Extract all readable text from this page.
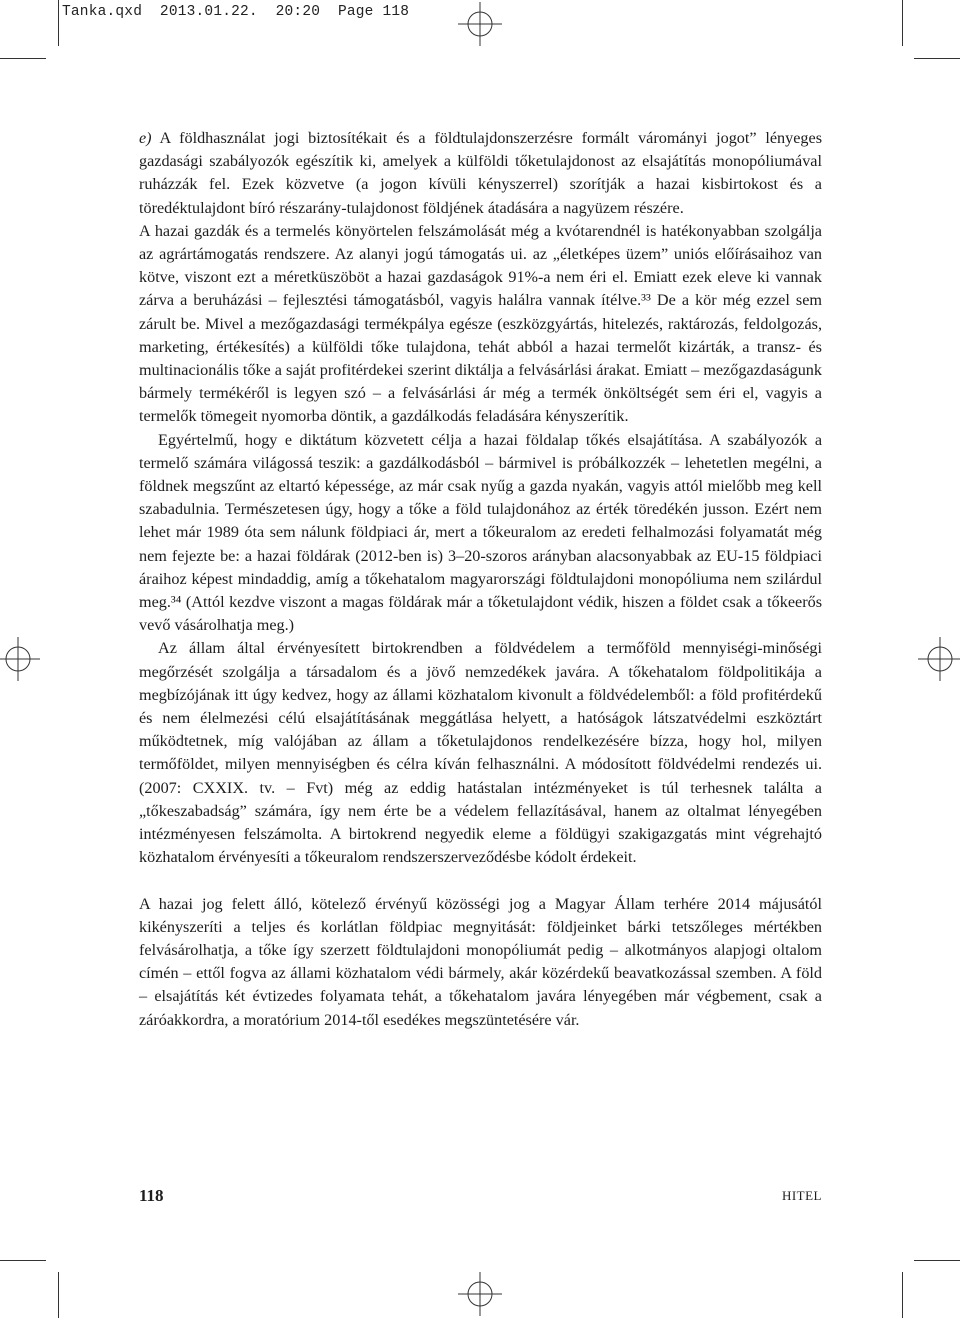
Tanka.qxd  2013.01.22.  20:20  Page 118

e) A földhasználat jogi biztosítékait és a földtulajdonszerzésre formált várományi jogot” lényeges gazdasági szabályozók egészítik ki, amelyek a külföldi tőketulajdonost az elsajátítás monopóliumával ruházzák fel. Ezek közvetve (a jogon kívüli kényszerrel) szorítják a hazai kisbirtokost és a töredéktulajdont bíró részarány-tulajdonost földjének átadására a nagyüzem részére.

A hazai gazdák és a termelés könyörtelen felszámolását még a kvótarendnél is hatékonyabban szolgálja az agrártámogatás rendszere. Az alanyi jogú támogatás ui. az „életképes üzem” uniós előírásaihoz van kötve, viszont ezt a méretküszöböt a hazai gazdaságok 91%-a nem éri el. Emiatt ezek eleve ki vannak zárva a beruházási – fejlesztési támogatásból, vagyis halálra vannak ítélve.³³ De a kör még ezzel sem zárult be. Mivel a mezőgazdasági termékpálya egésze (eszközgyártás, hitelezés, raktározás, feldolgozás, marketing, értékesítés) a külföldi tőke tulajdona, tehát abból a hazai termelőt kizárták, a transz- és multinacionális tőke a saját profitérdekei szerint diktálja a felvásárlási árakat. Emiatt – mezőgazdaságunk bármely termékéről is legyen szó – a felvásárlási ár még a termék önköltségét sem éri el, vagyis a termelők tömegeit nyomorba döntik, a gazdálkodás feladására kényszerítik.

Egyértelmű, hogy e diktátum közvetett célja a hazai földalap tőkés elsajátítása. A szabályozók a termelő számára világossá teszik: a gazdálkodásból – bármivel is próbálkozzék – lehetetlen megélni, a földnek megszűnt az eltartó képessége, az már csak nyűg a gazda nyakán, vagyis attól mielőbb meg kell szabadulnia. Természetesen úgy, hogy a tőke a föld tulajdonához az érték töredékén jusson. Ezért nem lehet már 1989 óta sem nálunk földpiaci ár, mert a tőkeuralom az eredeti felhalmozási folyamatát még nem fejezte be: a hazai földárak (2012-ben is) 3–20-szoros arányban alacsonyabbak az EU-15 földpiaci áraihoz képest mindaddig, amíg a tőkehatalom magyarországi földtulajdoni monopóliuma nem szilárdul meg.³⁴ (Attól kezdve viszont a magas földárak már a tőketulajdont védik, hiszen a földet csak a tőkeerős vevő vásárolhatja meg.)

Az állam által érvényesített birtokrendben a földvédelem a termőföld mennyiségi-minőségi megőrzését szolgálja a társadalom és a jövő nemzedékek javára. A tőkehatalom földpolitikája a megbízójának itt úgy kedvez, hogy az állami közhatalom kivonult a földvédelemből: a föld profitérdekű és nem élelmezési célú elsajátításának meggátlása helyett, a hatóságok látszatvédelmi eszköztárt működtetnek, míg valójában az állam a tőketulajdonos rendelkezésére bízza, hogy hol, milyen termőföldet, milyen mennyiségben és célra kíván felhasználni. A módosított földvédelmi rendezés ui. (2007: CXXIX. tv. – Fvt) még az eddig hatástalan intézményeket is túl terhesnek találta a „tőkeszabadság” számára, így nem érte be a védelem fellazításával, hanem az oltalmat lényegében intézményesen felszámolta. A birtokrend negyedik eleme a földügyi szakigazgatás mint végrehajtó közhatalom érvényesíti a tőkeuralom rendszerszerveződésbe kódolt érdekeit.

A hazai jog felett álló, kötelező érvényű közösségi jog a Magyar Állam terhére 2014 májusától kikényszeríti a teljes és korlátlan földpiac megnyitását: földjeinket bárki tetszőleges mértékben felvásárolhatja, a tőke így szerzett földtulajdoni monopóliumát pedig – alkotmányos alapjogi oltalom címén – ettől fogva az állami közhatalom védi bármely, akár közérdekű beavatkozással szemben. A föld – elsajátítás két évtizedes folyamata tehát, a tőkehatalom javára lényegében már végbement, csak a záróakkordra, a moratórium 2014-től esedékes megszüntetésére vár.

118	HITEL
